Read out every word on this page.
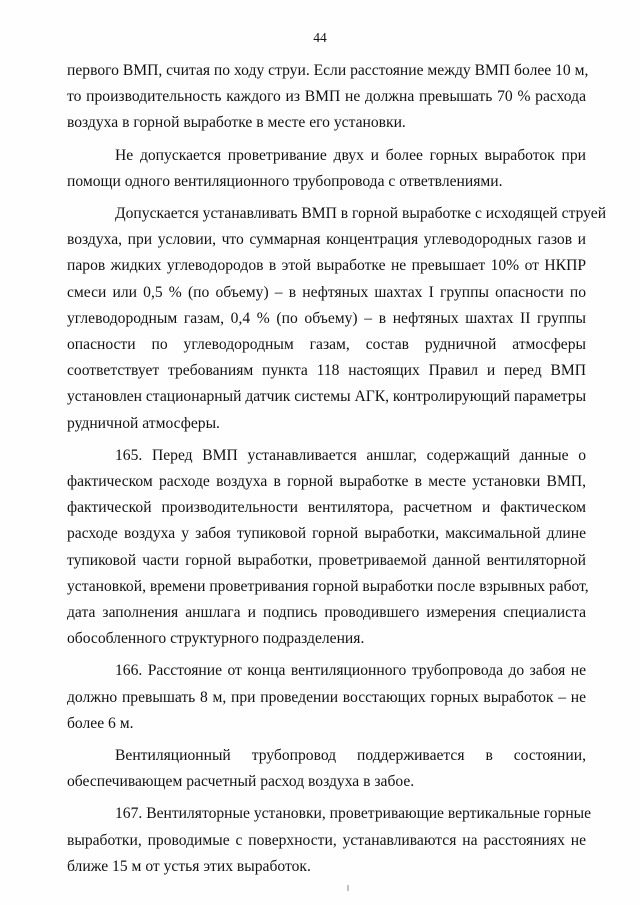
44
первого ВМП, считая по ходу струи. Если расстояние между ВМП более 10 м,
то производительность каждого из ВМП не должна превышать 70 % расхода
воздуха в горной выработке в месте его установки.
Не допускается проветривание двух и более горных выработок при
помощи одного вентиляционного трубопровода с ответвлениями.
Допускается устанавливать ВМП в горной выработке с исходящей струей
воздуха, при условии, что суммарная концентрация углеводородных газов и
паров жидких углеводородов в этой выработке не превышает 10% от НКПР
смеси или 0,5 % (по объему) – в нефтяных шахтах I группы опасности по
углеводородным газам, 0,4 % (по объему) – в нефтяных шахтах II группы
опасности по углеводородным газам, состав рудничной атмосферы
соответствует требованиям пункта 118 настоящих Правил и перед ВМП
установлен стационарный датчик системы АГК, контролирующий параметры
рудничной атмосферы.
165. Перед ВМП устанавливается аншлаг, содержащий данные о
фактическом расходе воздуха в горной выработке в месте установки ВМП,
фактической производительности вентилятора, расчетном и фактическом
расходе воздуха у забоя тупиковой горной выработки, максимальной длине
тупиковой части горной выработки, проветриваемой данной вентиляторной
установкой, времени проветривания горной выработки после взрывных работ,
дата заполнения аншлага и подпись проводившего измерения специалиста
обособленного структурного подразделения.
166. Расстояние от конца вентиляционного трубопровода до забоя не
должно превышать 8 м, при проведении восстающих горных выработок – не
более 6 м.
Вентиляционный трубопровод поддерживается в состоянии,
обеспечивающем расчетный расход воздуха в забое.
167. Вентиляторные установки, проветривающие вертикальные горные
выработки, проводимые с поверхности, устанавливаются на расстояниях не
ближе 15 м от устья этих выработок.
